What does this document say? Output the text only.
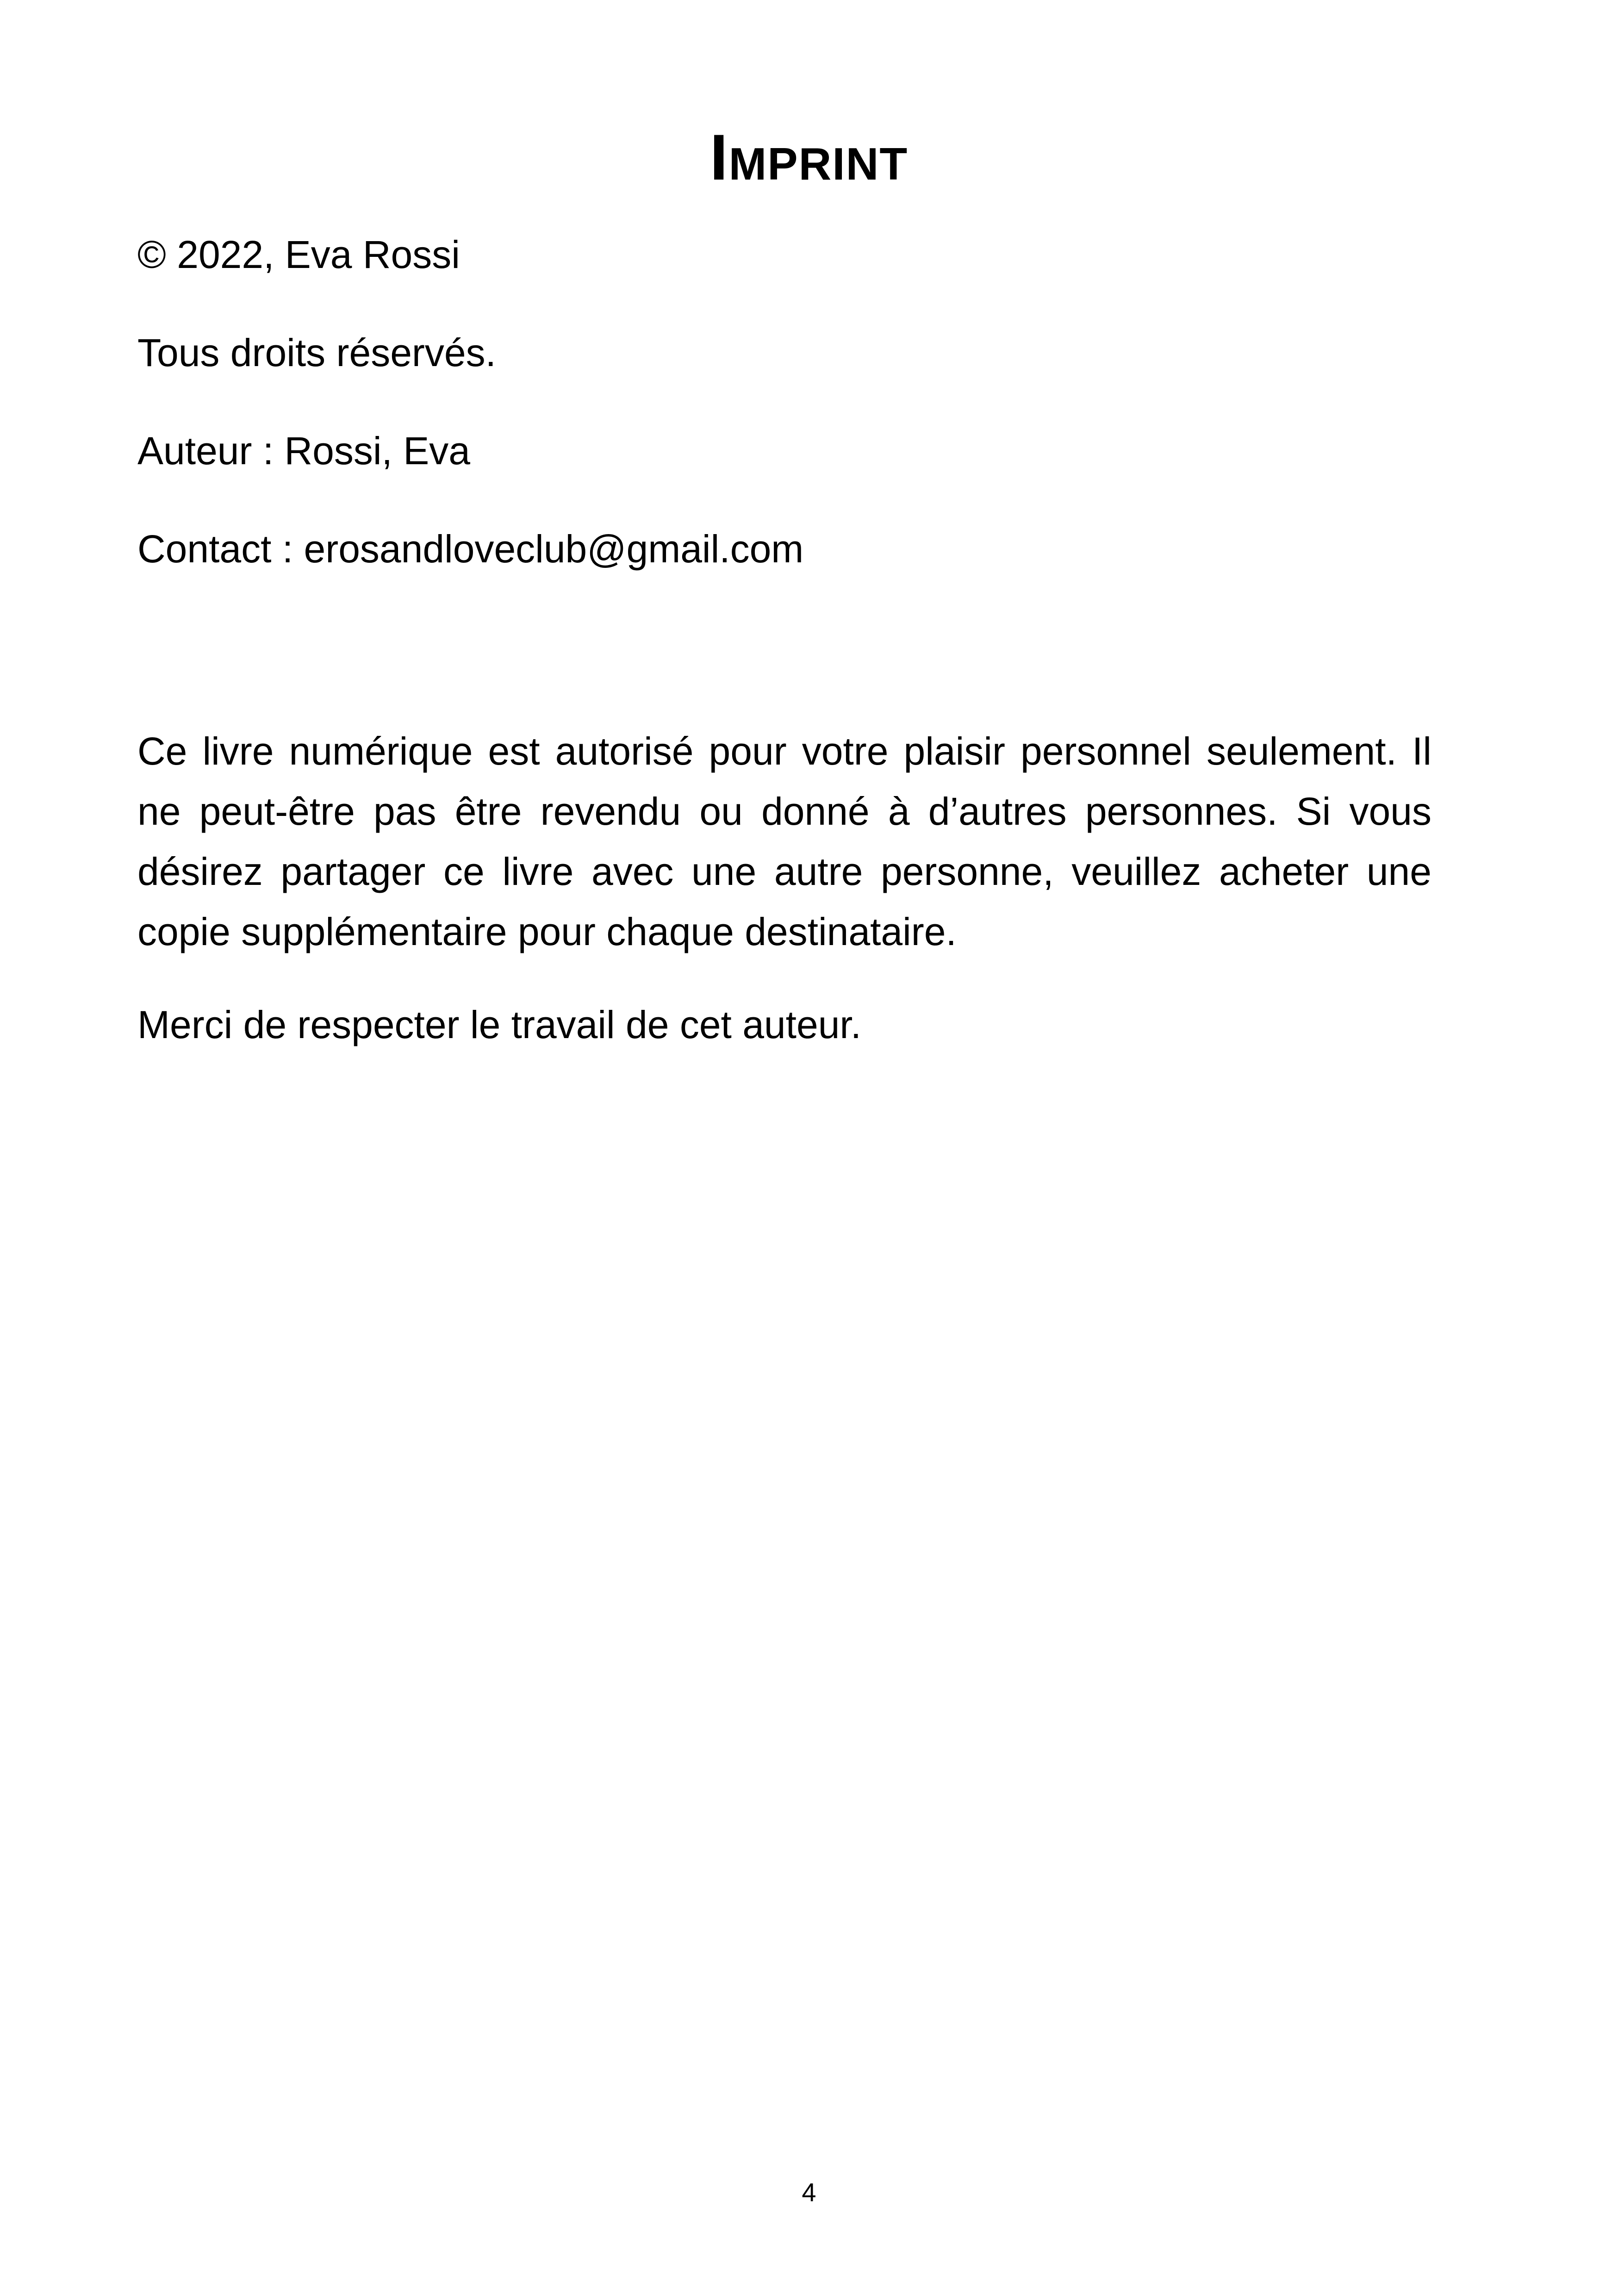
Imprint

© 2022, Eva Rossi

Tous droits réservés.

Auteur : Rossi, Eva

Contact : erosandloveclub@gmail.com

Ce livre numérique est autorisé pour votre plaisir personnel seulement. Il ne peut-être pas être revendu ou donné à d’autres personnes. Si vous désirez partager ce livre avec une autre personne, veuillez acheter une copie supplémentaire pour chaque destinataire.

Merci de respecter le travail de cet auteur.

4
